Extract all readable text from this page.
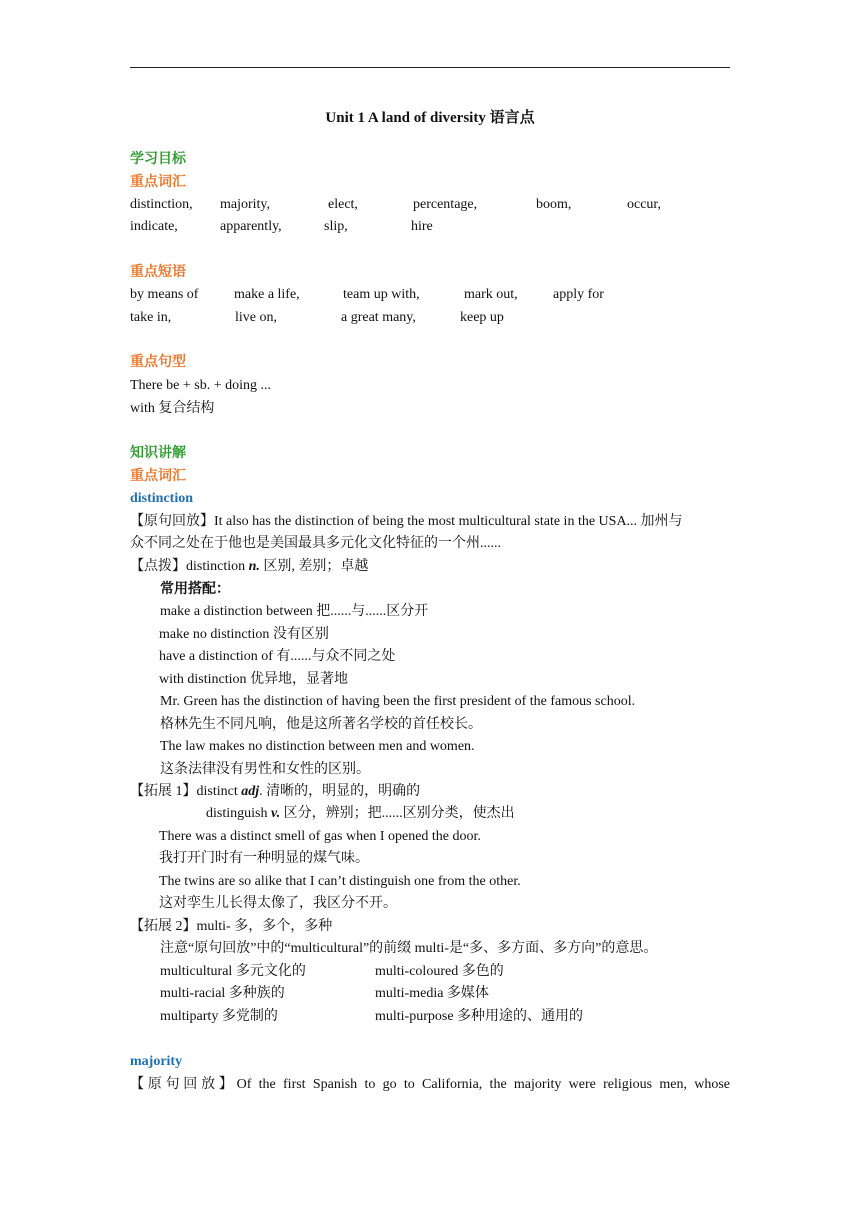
Unit 1 A land of diversity 语言点
学习目标
重点词汇
distinction, majority,	elect,	percentage,	boom,	occur,
indicate,	apparently,	slip,	hire
重点短语
by means of	make a life,	team up with,	mark out,	apply for
take in,	live on,	a great many,	keep up
重点句型
There be + sb. + doing ...
with 复合结构
知识讲解
重点词汇
distinction
【原句回放】It also has the distinction of being the most multicultural state in the USA... 加州与
众不同之处在于他也是美国最具多元化文化特征的一个州......
【点拨】distinction n. 区别, 差别；卓越
常用搭配：
make a distinction between 把......与......区分开
make no distinction 没有区别
have a distinction of 有......与众不同之处
with distinction 优异地，显著地
Mr. Green has the distinction of having been the first president of the famous school.
格林先生不同凡响，他是这所著名学校的首任校长。
The law makes no distinction between men and women.
这条法律没有男性和女性的区别。
【拓展 1】distinct adj. 清晰的，明显的，明确的
distinguish v. 区分，辨别；把......区别分类，使杰出
There was a distinct smell of gas when I opened the door.
我打开门时有一种明显的煤气味。
The twins are so alike that I can’t distinguish one from the other.
这对孪生儿长得太像了，我区分不开。
【拓展 2】multi- 多，多个，多种
注意“原句回放”中的“multicultural”的前缀 multi-是“多、多方面、多方向”的意思。
multicultural 多元文化的	multi-coloured 多色的
multi-racial 多种族的	multi-media 多媒体
multiparty 多党制的	multi-purpose 多种用途的、通用的
majority
【原句回放】Of the first Spanish to go to California, the majority were religious men, whose
